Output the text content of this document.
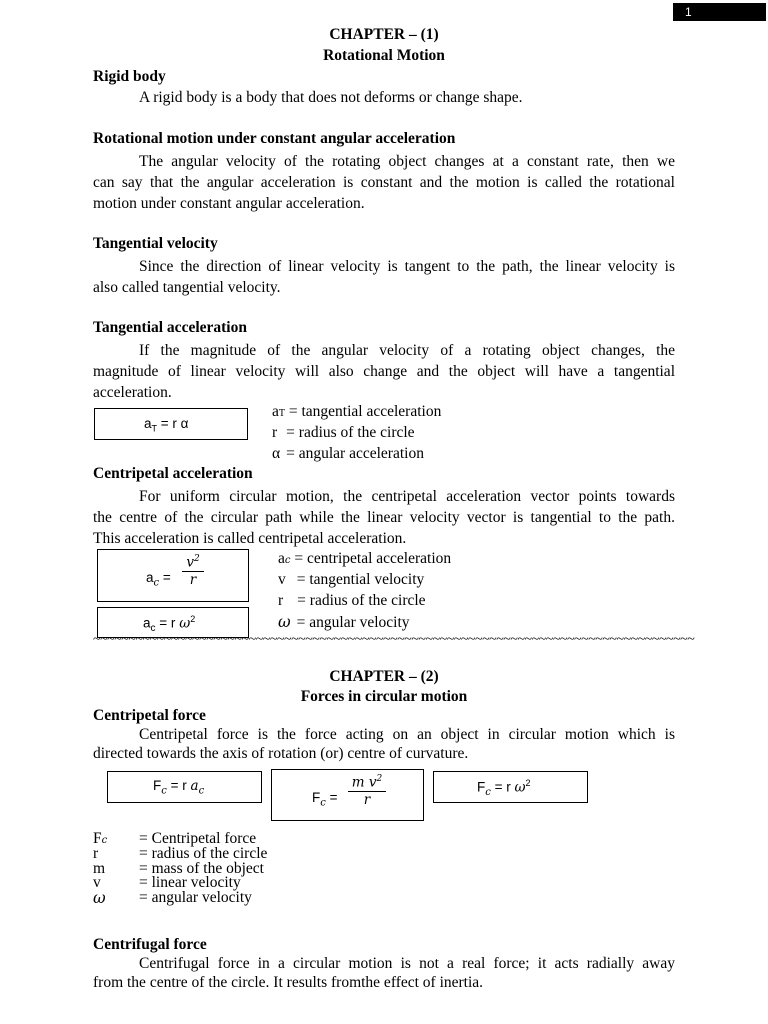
1
CHAPTER – (1)
Rotational Motion
Rigid body
A rigid body is a body that does not deforms or change shape.
Rotational motion under constant angular acceleration
The angular velocity of the rotating object changes at a constant rate, then we
can say that the angular acceleration is constant and the motion is called the rotational
motion under constant angular acceleration.
Tangential velocity
Since the direction of linear velocity is tangent to the path, the linear velocity is
also called tangential velocity.
Tangential acceleration
If the magnitude of the angular velocity of a rotating object changes, the
magnitude of linear velocity will also change and the object will have a tangential
acceleration.
$a_T = r$ α
aT = tangential acceleration
r = radius of the circle
α = angular acceleration
Centripetal acceleration
For uniform circular motion, the centripetal acceleration vector points towards
the centre of the circular path while the linear velocity vector is tangential to the path.
This acceleration is called centripetal acceleration.
$a_c$ =
$v^2$
r
$a_c = r$ $\omega^2$
ac = centripetal acceleration
v = tangential velocity
r = radius of the circle
ω = angular velocity
~~~~~~~~~~~~~~~~~~~~~~~~~~~~~~~~~~~~~~~~~~~~~~~~~~~~~~~~~~~~~~~~~~~~~~~~~~~~~~~~~~~~~
CHAPTER – (2)
Forces in circular motion
Centripetal force
Centripetal force is the force acting on an object in circular motion which is
directed towards the axis of rotation (or) centre of curvature.
$F_c = r$ $a_c$	$F_c$ =
m $v^2$
r
$F_c = r$ $\omega^2$
Fc = Centripetal force
r	= radius of the circle
m = mass of the object
v = linear velocity
ω = angular velocity
Centrifugal force
Centrifugal force in a circular motion is not a real force; it acts radially away
from the centre of the circle. It results fromthe effect of inertia.
